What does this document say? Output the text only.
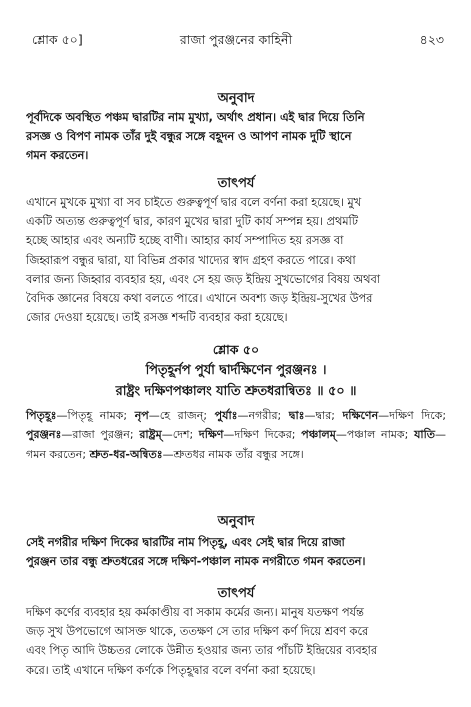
শ্লোক ৫০]	রাজা পুরঞ্জনের কাহিনী	৪২৩
অনুবাদ
পূর্বদিকে অবস্থিত পঞ্চম দ্বারটির নাম মুখ্যা, অর্থাৎ প্রধান। এই দ্বার দিয়ে তিনি
রসজ্ঞ ও বিপণ নামক তাঁর দুই বন্ধুর সঙ্গে বহূদন ও আপণ নামক দুটি স্থানে
গমন করতেন।
তাৎপর্য
এখানে মুখকে মুখ্যা বা সব চাইতে গুরুত্বপূর্ণ দ্বার বলে বর্ণনা করা হয়েছে। মুখ
একটি অত্যন্ত গুরুত্বপূর্ণ দ্বার, কারণ মুখের দ্বারা দুটি কার্য সম্পন্ন হয়। প্রথমটি
হচ্ছে আহার এবং অন্যটি হচ্ছে বাণী। আহার কার্য সম্পাদিত হয় রসজ্ঞ বা
জিহ্বারূপ বন্ধুর দ্বারা, যা বিভিন্ন প্রকার খাদ্যের স্বাদ গ্রহণ করতে পারে। কথা
বলার জন্য জিহ্বার ব্যবহার হয়, এবং সে হয় জড় ইন্দ্রিয় সুখভোগের বিষয় অথবা
বৈদিক জ্ঞানের বিষয়ে কথা বলতে পারে। এখানে অবশ্য জড় ইন্দ্রিয়-সুখের উপর
জোর দেওয়া হয়েছে। তাই রসজ্ঞ শব্দটি ব্যবহার করা হয়েছে।
শ্লোক ৫০
পিতৃহূর্নপ পুর্যা দ্বার্দক্ষিণেন পুরঞ্জনঃ ।
রাষ্ট্রং দক্ষিণপঞ্চালং যাতি শ্রুতধরান্বিতঃ ॥ ৫০ ॥
পিতৃহূঃ—পিতৃহূ নামক; নৃপ—হে রাজন্; পুর্যাঃ—নগরীর; দ্বাঃ—দ্বার; দক্ষিণেন—দক্ষিণ দিকে; পুরঞ্জনঃ—রাজা পুরঞ্জন; রাষ্ট্রম্—দেশ; দক্ষিণ—দক্ষিণ দিকের; পঞ্চালম্—পঞ্চাল নামক; যাতি—গমন করতেন; শ্রুত-ধর-অন্বিতঃ—শ্রুতধর নামক তাঁর বন্ধুর সঙ্গে।
অনুবাদ
সেই নগরীর দক্ষিণ দিকের দ্বারটির নাম পিতৃহূ, এবং সেই দ্বার দিয়ে রাজা
পুরঞ্জন তার বন্ধু শ্রুতধরের সঙ্গে দক্ষিণ-পঞ্চাল নামক নগরীতে গমন করতেন।
তাৎপর্য
দক্ষিণ কর্ণের ব্যবহার হয় কর্মকাণ্ডীয় বা সকাম কর্মের জন্য। মানুষ যতক্ষণ পর্যন্ত
জড় সুখ উপভোগে আসক্ত থাকে, ততক্ষণ সে তার দক্ষিণ কর্ণ দিয়ে শ্রবণ করে
এবং পিতৃ আদি উচ্চতর লোকে উন্নীত হওয়ার জন্য তার পাঁচটি ইন্দ্রিয়ের ব্যবহার
করে। তাই এখানে দক্ষিণ কর্ণকে পিতৃহূদ্বার বলে বর্ণনা করা হয়েছে।
